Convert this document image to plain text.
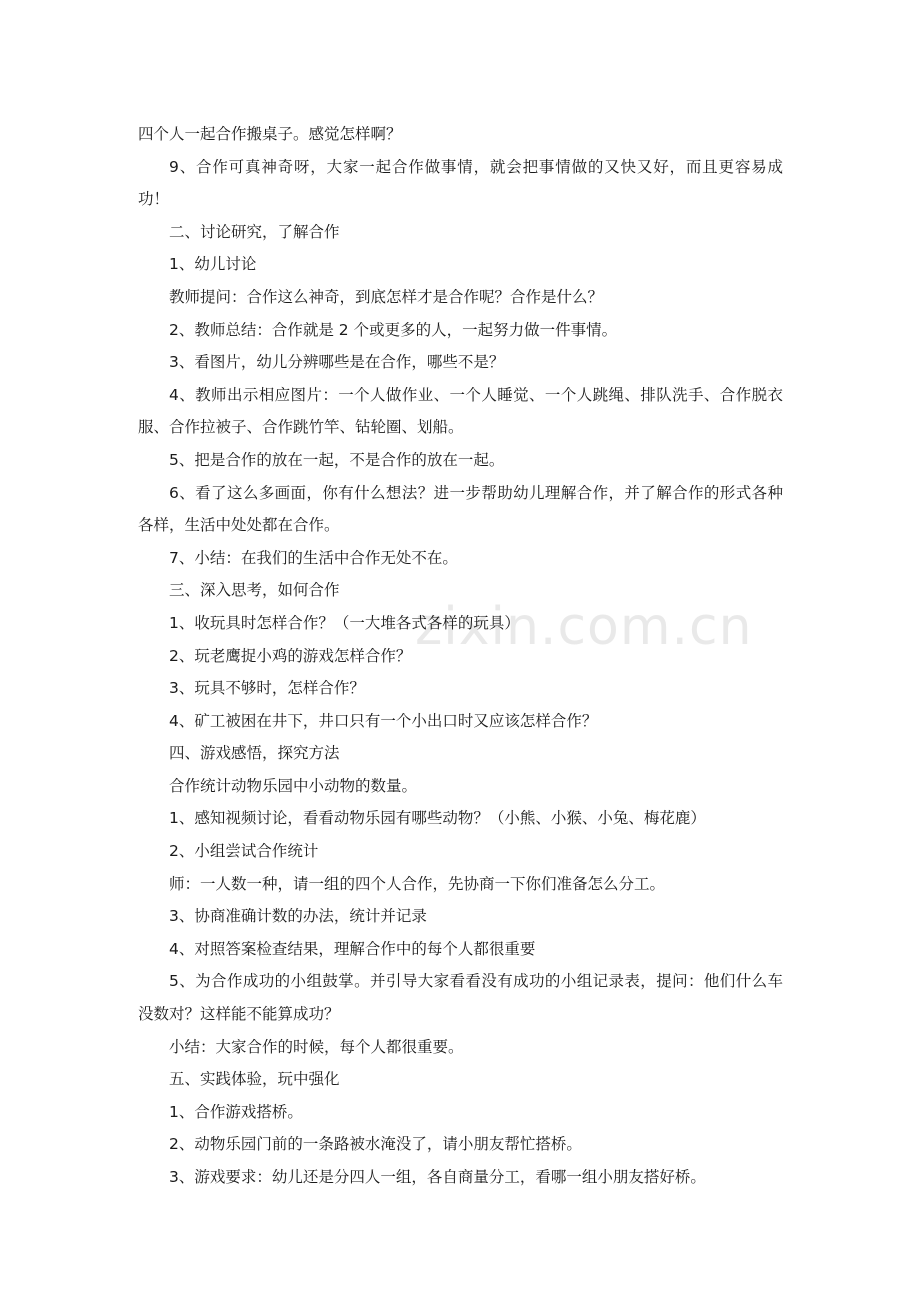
zixin.com.cn

四个人一起合作搬桌子。感觉怎样啊？

9、合作可真神奇呀，大家一起合作做事情，就会把事情做的又快又好，而且更容易成功！

二、讨论研究，了解合作

1、幼儿讨论

教师提问：合作这么神奇，到底怎样才是合作呢？合作是什么？

2、教师总结：合作就是 2 个或更多的人，一起努力做一件事情。

3、看图片，幼儿分辨哪些是在合作，哪些不是？

4、教师出示相应图片：一个人做作业、一个人睡觉、一个人跳绳、排队洗手、合作脱衣服、合作拉被子、合作跳竹竿、钻轮圈、划船。

5、把是合作的放在一起，不是合作的放在一起。

6、看了这么多画面，你有什么想法？进一步帮助幼儿理解合作，并了解合作的形式各种各样，生活中处处都在合作。

7、小结：在我们的生活中合作无处不在。

三、深入思考，如何合作

1、收玩具时怎样合作？（一大堆各式各样的玩具）

2、玩老鹰捉小鸡的游戏怎样合作？

3、玩具不够时，怎样合作？

4、矿工被困在井下，井口只有一个小出口时又应该怎样合作？

四、游戏感悟，探究方法

合作统计动物乐园中小动物的数量。

1、感知视频讨论，看看动物乐园有哪些动物？（小熊、小猴、小兔、梅花鹿）

2、小组尝试合作统计

师：一人数一种，请一组的四个人合作，先协商一下你们准备怎么分工。

3、协商准确计数的办法，统计并记录

4、对照答案检查结果，理解合作中的每个人都很重要

5、为合作成功的小组鼓掌。并引导大家看看没有成功的小组记录表，提问：他们什么车没数对？这样能不能算成功？

小结：大家合作的时候，每个人都很重要。

五、实践体验，玩中强化

1、合作游戏搭桥。

2、动物乐园门前的一条路被水淹没了，请小朋友帮忙搭桥。

3、游戏要求：幼儿还是分四人一组，各自商量分工，看哪一组小朋友搭好桥。
